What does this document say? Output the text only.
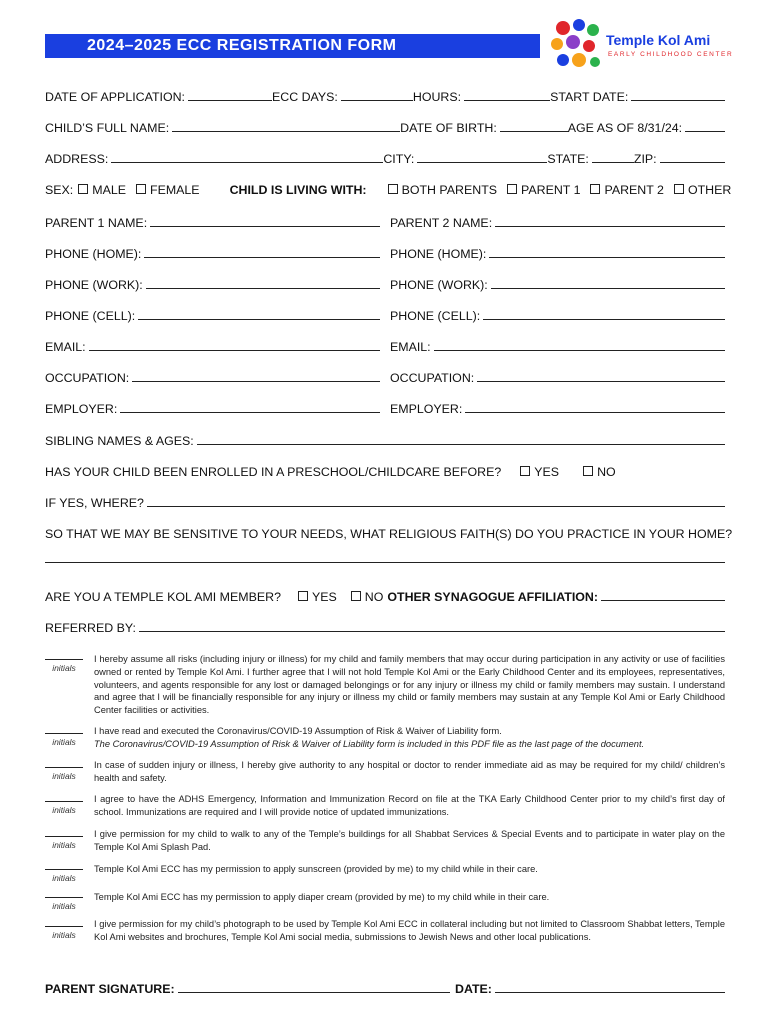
2024–2025 ECC REGISTRATION FORM	Temple Kol Ami
EARLY CHILDHOOD CENTER
DATE OF APPLICATION:	ECC DAYS:	HOURS:	START DATE:
CHILD’S FULL NAME:	DATE OF BIRTH:	AGE AS OF 8/31/24:
ADDRESS:	CITY:	STATE:	ZIP:
SEX: MALE FEMALE CHILD IS LIVING WITH:	BOTH PARENTS PARENT 1 PARENT 2 OTHER
PARENT 1 NAME:	PARENT 2 NAME:
PHONE (HOME):	PHONE (HOME):
PHONE (WORK):	PHONE (WORK):
PHONE (CELL):	PHONE (CELL):
EMAIL:	EMAIL:
OCCUPATION:	OCCUPATION:
EMPLOYER:	EMPLOYER:
SIBLING NAMES & AGES:
HAS YOUR CHILD BEEN ENROLLED IN A PRESCHOOL/CHILDCARE BEFORE?	YES	NO
IF YES, WHERE?
SO THAT WE MAY BE SENSITIVE TO YOUR NEEDS, WHAT RELIGIOUS FAITH(S) DO YOU PRACTICE IN YOUR HOME?
ARE YOU A TEMPLE KOL AMI MEMBER?	YES NO OTHER SYNAGOGUE AFFILIATION:
REFERRED BY:
initials
I hereby assume all risks (including injury or illness) for my child and family members that may occur during participation in any activity or use of facilities owned or rented by Temple Kol Ami. I further agree that I will not hold Temple Kol Ami or the Early Childhood Center and its employees, representatives, volunteers, and agents responsible for any lost or damaged belongings or for any injury or illness my child or family members may sustain. I understand and agree that I will be financially responsible for any injury or illness my child or family members may sustain at any Temple Kol Ami or Early Childhood Center facilities or activities.
initials
I have read and executed the Coronavirus/COVID-19 Assumption of Risk & Waiver of Liability form.
The Coronavirus/COVID-19 Assumption of Risk & Waiver of Liability form is included in this PDF file as the last page of the document.
initials
In case of sudden injury or illness, I hereby give authority to any hospital or doctor to render immediate aid as may be required for my child/ children’s health and safety.
initials
I agree to have the ADHS Emergency, Information and Immunization Record on file at the TKA Early Childhood Center prior to my child’s first day of school. Immunizations are required and I will provide notice of updated immunizations.
initials
I give permission for my child to walk to any of the Temple’s buildings for all Shabbat Services & Special Events and to participate in water play on the Temple Kol Ami Splash Pad.
initials
Temple Kol Ami ECC has my permission to apply sunscreen (provided by me) to my child while in their care.
initials
Temple Kol Ami ECC has my permission to apply diaper cream (provided by me) to my child while in their care.
initials
I give permission for my child’s photograph to be used by Temple Kol Ami ECC in collateral including but not limited to Classroom Shabbat letters, Temple Kol Ami websites and brochures, Temple Kol Ami social media, submissions to Jewish News and other local publications.
PARENT SIGNATURE:	DATE:
